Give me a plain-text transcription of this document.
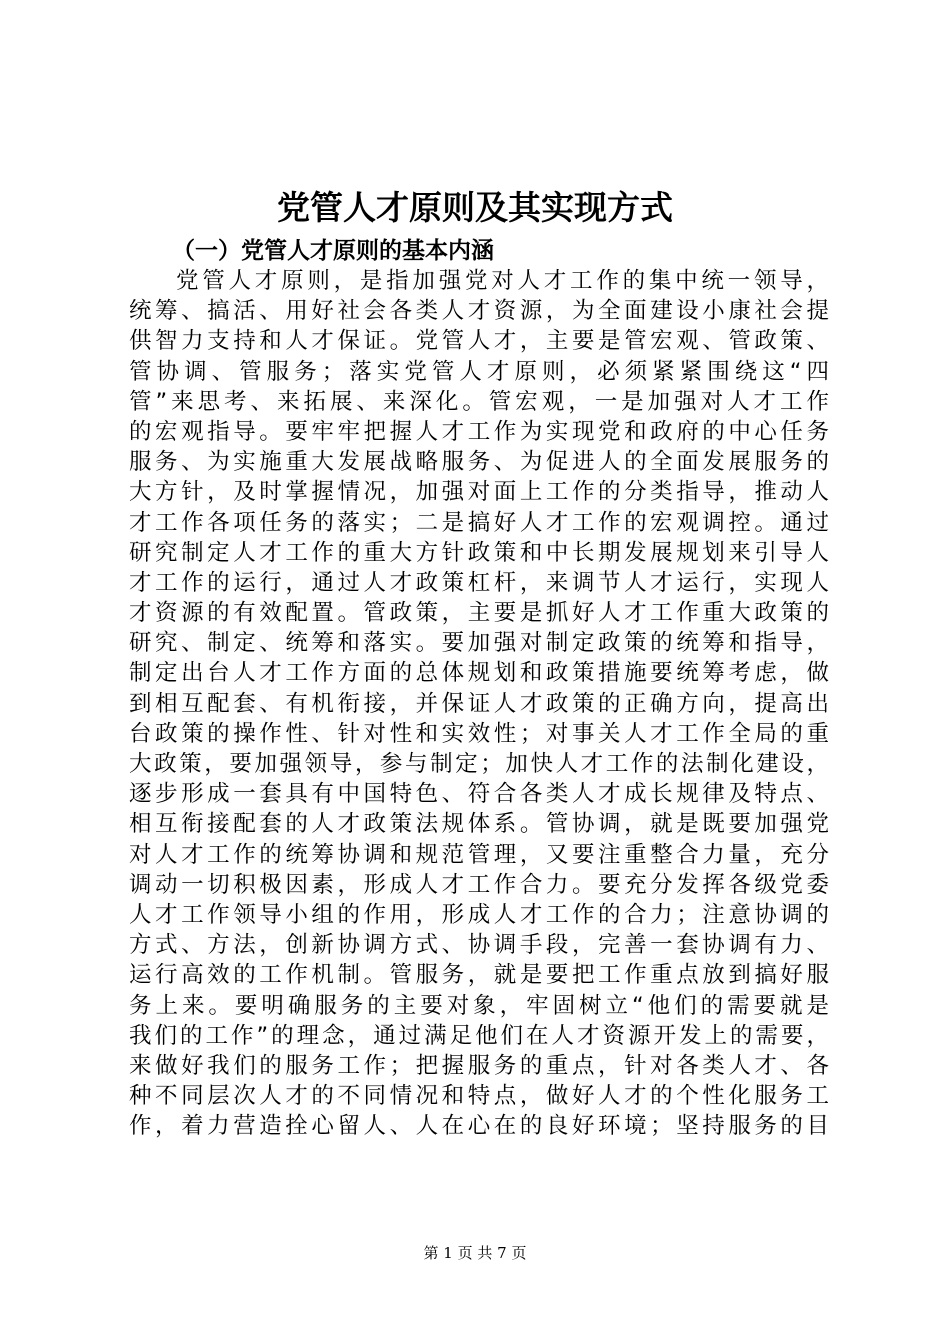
党管人才原则及其实现方式
（一）党管人才原则的基本内涵
党管人才原则，是指加强党对人才工作的集中统一领导，
统筹、搞活、用好社会各类人才资源，为全面建设小康社会提
供智力支持和人才保证。党管人才，主要是管宏观、管政策、
管协调、管服务；落实党管人才原则，必须紧紧围绕这“四
管”来思考、来拓展、来深化。管宏观，一是加强对人才工作
的宏观指导。要牢牢把握人才工作为实现党和政府的中心任务
服务、为实施重大发展战略服务、为促进人的全面发展服务的
大方针，及时掌握情况，加强对面上工作的分类指导，推动人
才工作各项任务的落实；二是搞好人才工作的宏观调控。通过
研究制定人才工作的重大方针政策和中长期发展规划来引导人
才工作的运行，通过人才政策杠杆，来调节人才运行，实现人
才资源的有效配置。管政策，主要是抓好人才工作重大政策的
研究、制定、统筹和落实。要加强对制定政策的统筹和指导，
制定出台人才工作方面的总体规划和政策措施要统筹考虑，做
到相互配套、有机衔接，并保证人才政策的正确方向，提高出
台政策的操作性、针对性和实效性；对事关人才工作全局的重
大政策，要加强领导，参与制定；加快人才工作的法制化建设，
逐步形成一套具有中国特色、符合各类人才成长规律及特点、
相互衔接配套的人才政策法规体系。管协调，就是既要加强党
对人才工作的统筹协调和规范管理，又要注重整合力量，充分
调动一切积极因素，形成人才工作合力。要充分发挥各级党委
人才工作领导小组的作用，形成人才工作的合力；注意协调的
方式、方法，创新协调方式、协调手段，完善一套协调有力、
运行高效的工作机制。管服务，就是要把工作重点放到搞好服
务上来。要明确服务的主要对象，牢固树立“他们的需要就是
我们的工作”的理念，通过满足他们在人才资源开发上的需要，
来做好我们的服务工作；把握服务的重点，针对各类人才、各
种不同层次人才的不同情况和特点，做好人才的个性化服务工
作，着力营造拴心留人、人在心在的良好环境；坚持服务的目
第 1 页 共 7 页
